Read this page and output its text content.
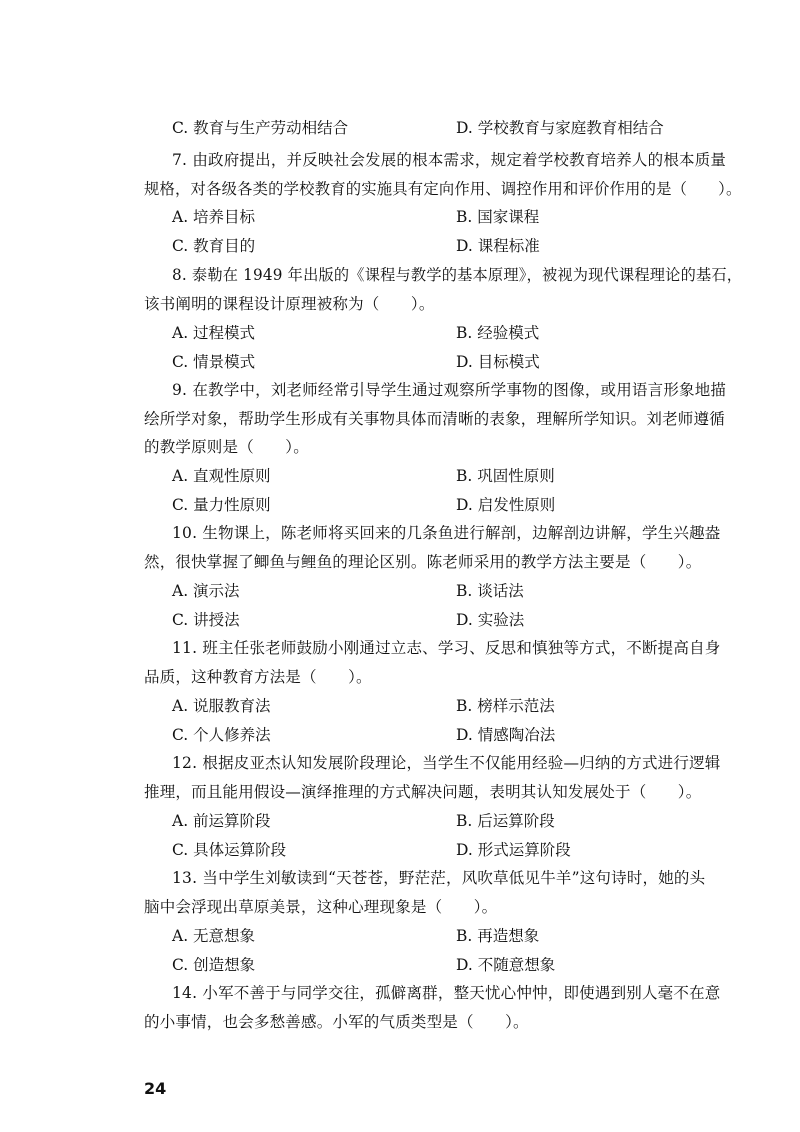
C. 教育与生产劳动相结合	D. 学校教育与家庭教育相结合
7. 由政府提出，并反映社会发展的根本需求，规定着学校教育培养人的根本质量
规格，对各级各类的学校教育的实施具有定向作用、调控作用和评价作用的是（　　）。
A. 培养目标	B. 国家课程
C. 教育目的	D. 课程标准
8. 泰勒在 1949 年出版的《课程与教学的基本原理》，被视为现代课程理论的基石，
该书阐明的课程设计原理被称为（　　）。
A. 过程模式	B. 经验模式
C. 情景模式	D. 目标模式
9. 在教学中，刘老师经常引导学生通过观察所学事物的图像，或用语言形象地描
绘所学对象，帮助学生形成有关事物具体而清晰的表象，理解所学知识。刘老师遵循
的教学原则是（　　）。
A. 直观性原则	B. 巩固性原则
C. 量力性原则	D. 启发性原则
10. 生物课上，陈老师将买回来的几条鱼进行解剖，边解剖边讲解，学生兴趣盎
然，很快掌握了鲫鱼与鲤鱼的理论区别。陈老师采用的教学方法主要是（　　）。
A. 演示法	B. 谈话法
C. 讲授法	D. 实验法
11. 班主任张老师鼓励小刚通过立志、学习、反思和慎独等方式，不断提高自身
品质，这种教育方法是（　　）。
A. 说服教育法	B. 榜样示范法
C. 个人修养法	D. 情感陶冶法
12. 根据皮亚杰认知发展阶段理论，当学生不仅能用经验—归纳的方式进行逻辑
推理，而且能用假设—演绎推理的方式解决问题，表明其认知发展处于（　　）。
A. 前运算阶段	B. 后运算阶段
C. 具体运算阶段	D. 形式运算阶段
13. 当中学生刘敏读到“天苍苍，野茫茫，风吹草低见牛羊”这句诗时，她的头
脑中会浮现出草原美景，这种心理现象是（　　）。
A. 无意想象	B. 再造想象
C. 创造想象	D. 不随意想象
14. 小军不善于与同学交往，孤僻离群，整天忧心忡忡，即使遇到别人毫不在意
的小事情，也会多愁善感。小军的气质类型是（　　）。
24
